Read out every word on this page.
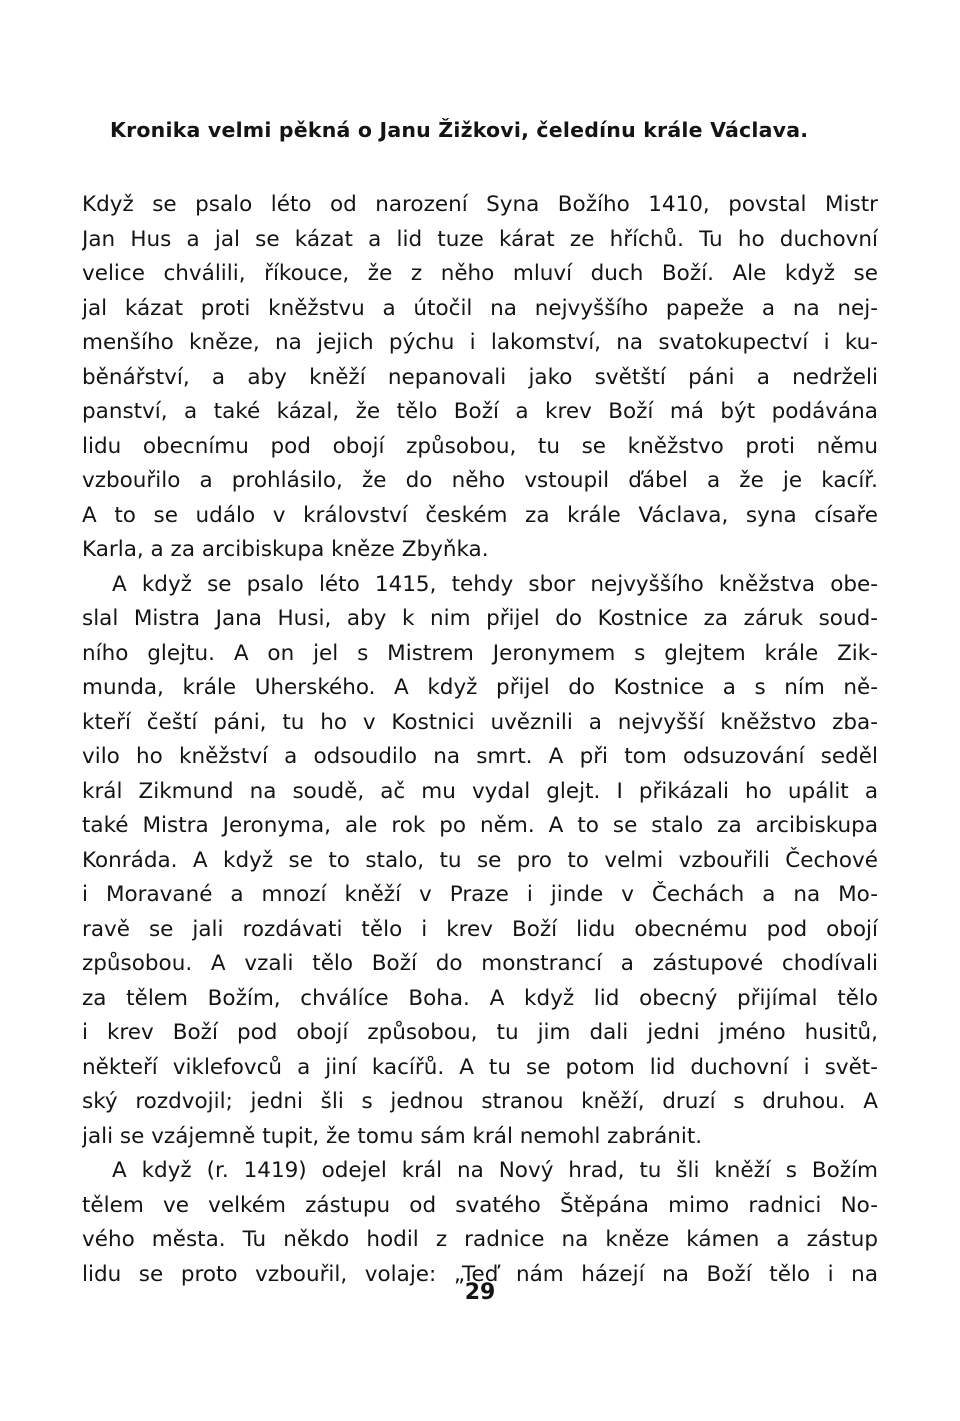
Kronika velmi pěkná o Janu Žižkovi, čeledínu krále Václava.
Když se psalo léto od narození Syna Božího 1410, povstal Mistr
Jan Hus a jal se kázat a lid tuze kárat ze hříchů. Tu ho duchovní
velice chválili, říkouce, že z něho mluví duch Boží. Ale když se
jal kázat proti kněžstvu a útočil na nejvyššího papeže a na nej-
menšího kněze, na jejich pýchu i lakomství, na svatokupectví i ku-
běnářství, a aby kněží nepanovali jako světští páni a nedrželi
panství, a také kázal, že tělo Boží a krev Boží má být podávána
lidu obecnímu pod obojí způsobou, tu se kněžstvo proti němu
vzbouřilo a prohlásilo, že do něho vstoupil ďábel a že je kacíř.
A to se událo v království českém za krále Václava, syna císaře
Karla, a za arcibiskupa kněze Zbyňka.
A když se psalo léto 1415, tehdy sbor nejvyššího kněžstva obe-
slal Mistra Jana Husi, aby k nim přijel do Kostnice za záruk soud-
ního glejtu. A on jel s Mistrem Jeronymem s glejtem krále Zik-
munda, krále Uherského. A když přijel do Kostnice a s ním ně-
kteří čeští páni, tu ho v Kostnici uvěznili a nejvyšší kněžstvo zba-
vilo ho kněžství a odsoudilo na smrt. A při tom odsuzování seděl
král Zikmund na soudě, ač mu vydal glejt. I přikázali ho upálit a
také Mistra Jeronyma, ale rok po něm. A to se stalo za arcibiskupa
Konráda. A když se to stalo, tu se pro to velmi vzbouřili Čechové
i Moravané a mnozí kněží v Praze i jinde v Čechách a na Mo-
ravě se jali rozdávati tělo i krev Boží lidu obecnému pod obojí
způsobou. A vzali tělo Boží do monstrancí a zástupové chodívali
za tělem Božím, chválíce Boha. A když lid obecný přijímal tělo
i krev Boží pod obojí způsobou, tu jim dali jedni jméno husitů,
někteří viklefovců a jiní kacířů. A tu se potom lid duchovní i svět-
ský rozdvojil; jedni šli s jednou stranou kněží, druzí s druhou. A
jali se vzájemně tupit, že tomu sám král nemohl zabránit.
A když (r. 1419) odejel král na Nový hrad, tu šli kněží s Božím
tělem ve velkém zástupu od svatého Štěpána mimo radnici No-
vého města. Tu někdo hodil z radnice na kněze kámen a zástup
lidu se proto vzbouřil, volaje: „Teď nám házejí na Boží tělo i na
29
